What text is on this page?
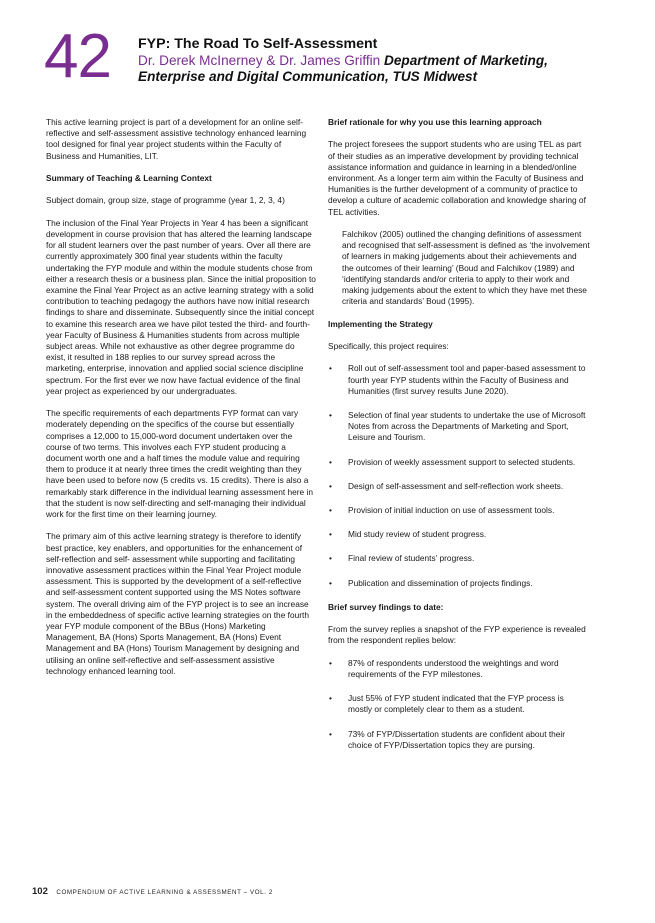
42 FYP: The Road To Self-Assessment
Dr. Derek McInerney & Dr. James Griffin Department of Marketing,
Enterprise and Digital Communication, TUS Midwest

This active learning project is part of a development for an online self-reflective and self-assessment assistive technology enhanced learning tool designed for final year project students within the Faculty of Business and Humanities, LIT.

Summary of Teaching & Learning Context

Subject domain, group size, stage of programme (year 1, 2, 3, 4)

The inclusion of the Final Year Projects in Year 4 has been a significant development in course provision that has altered the learning landscape for all student learners over the past number of years. Over all there are currently approximately 300 final year students within the faculty undertaking the FYP module and within the module students chose from either a research thesis or a business plan. Since the initial proposition to examine the Final Year Project as an active learning strategy with a solid contribution to teaching pedagogy the authors have now initial research findings to share and disseminate. Subsequently since the initial concept to examine this research area we have pilot tested the third- and fourth-year Faculty of Business & Humanities students from across multiple subject areas. While not exhaustive as other degree programme do exist, it resulted in 188 replies to our survey spread across the marketing, enterprise, innovation and applied social science discipline spectrum. For the first ever we now have factual evidence of the final year project as experienced by our undergraduates.

The specific requirements of each departments FYP format can vary moderately depending on the specifics of the course but essentially comprises a 12,000 to 15,000-word document undertaken over the course of two terms. This involves each FYP student producing a document worth one and a half times the module value and requiring them to produce it at nearly three times the credit weighting than they have been used to before now (5 credits vs. 15 credits). There is also a remarkably stark difference in the individual learning assessment here in that the student is now self-directing and self-managing their individual work for the first time on their learning journey.

The primary aim of this active learning strategy is therefore to identify best practice, key enablers, and opportunities for the enhancement of self-reflection and self- assessment while supporting and facilitating innovative assessment practices within the Final Year Project module assessment. This is supported by the development of a self-reflective and self-assessment content supported using the MS Notes software system. The overall driving aim of the FYP project is to see an increase in the embeddedness of specific active learning strategies on the fourth year FYP module component of the BBus (Hons) Marketing Management, BA (Hons) Sports Management, BA (Hons) Event Management and BA (Hons) Tourism Management by designing and utilising an online self-reflective and self-assessment assistive technology enhanced learning tool.

Brief rationale for why you use this learning approach

The project foresees the support students who are using TEL as part of their studies as an imperative development by providing technical assistance information and guidance in learning in a blended/online environment. As a longer term aim within the Faculty of Business and Humanities is the further development of a community of practice to develop a culture of academic collaboration and knowledge sharing of TEL activities.

Falchikov (2005) outlined the changing definitions of assessment and recognised that self-assessment is defined as ‘the involvement of learners in making judgements about their achievements and the outcomes of their learning’ (Boud and Falchikov (1989) and ‘identifying standards and/or criteria to apply to their work and making judgements about the extent to which they have met these criteria and standards’ Boud (1995).

Implementing the Strategy

Specifically, this project requires:

• Roll out of self-assessment tool and paper-based assessment to fourth year FYP students within the Faculty of Business and Humanities (first survey results June 2020).
• Selection of final year students to undertake the use of Microsoft Notes from across the Departments of Marketing and Sport, Leisure and Tourism.
• Provision of weekly assessment support to selected students.
• Design of self-assessment and self-reflection work sheets.
• Provision of initial induction on use of assessment tools.
• Mid study review of student progress.
• Final review of students’ progress.
• Publication and dissemination of projects findings.

Brief survey findings to date:

From the survey replies a snapshot of the FYP experience is revealed from the respondent replies below:

• 87% of respondents understood the weightings and word requirements of the FYP milestones.
• Just 55% of FYP student indicated that the FYP process is mostly or completely clear to them as a student.
• 73% of FYP/Dissertation students are confident about their choice of FYP/Dissertation topics they are pursing.
102 COMPENDIUM OF ACTIVE LEARNING & ASSESSMENT – VOL. 2
